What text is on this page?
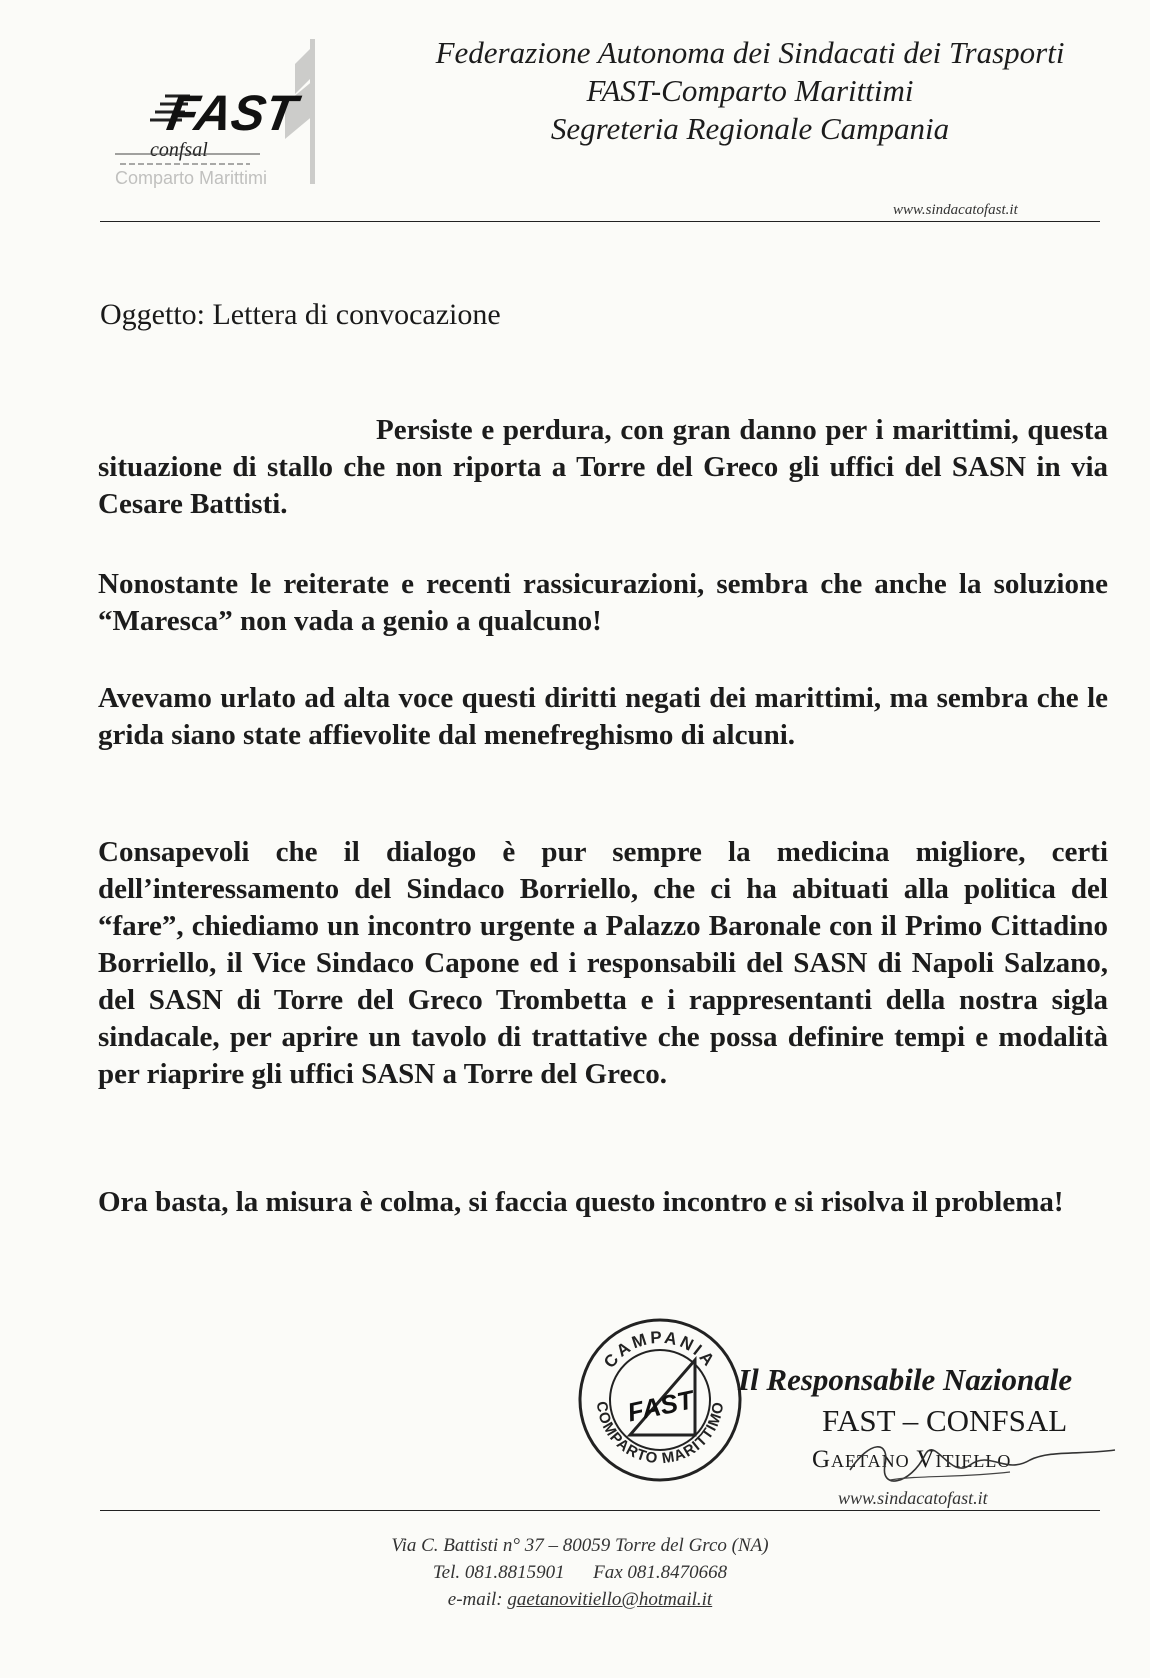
FAST
confsal
Comparto Marittimi
Federazione Autonoma dei Sindacati dei Trasporti
FAST-Comparto Marittimi
Segreteria Regionale Campania
www.sindacatofast.it
Oggetto: Lettera di convocazione
Persiste e perdura, con gran danno per i marittimi, questa situazione di stallo che non riporta a Torre del Greco gli uffici del SASN in via Cesare Battisti.
Nonostante le reiterate e recenti rassicurazioni, sembra che anche la soluzione “Maresca” non vada a genio a qualcuno!
Avevamo urlato ad alta voce questi diritti negati dei marittimi, ma sembra che le grida siano state affievolite dal menefreghismo di alcuni.
Consapevoli che il dialogo è pur sempre la medicina migliore, certi dell’interessamento del Sindaco Borriello, che ci ha abituati alla politica del “fare”, chiediamo un incontro urgente a Palazzo Baronale con il Primo Cittadino Borriello, il Vice Sindaco Capone ed i responsabili del SASN di Napoli Salzano, del SASN di Torre del Greco Trombetta e i rappresentanti della nostra sigla sindacale, per aprire un tavolo di trattative che possa definire tempi e modalità per riaprire gli uffici SASN a Torre del Greco.
Ora basta, la misura è colma, si faccia questo incontro e si risolva il problema!
CAMPANIA
COMPARTO MARITTIMO
FAST
Il Responsabile Nazionale
FAST – CONFSAL
Gaetano Vitiello
www.sindacatofast.it
Via C. Battisti n° 37 – 80059 Torre del Grco (NA)
Tel. 081.8815901 Fax 081.8470668
e-mail: gaetanovitiello@hotmail.it
